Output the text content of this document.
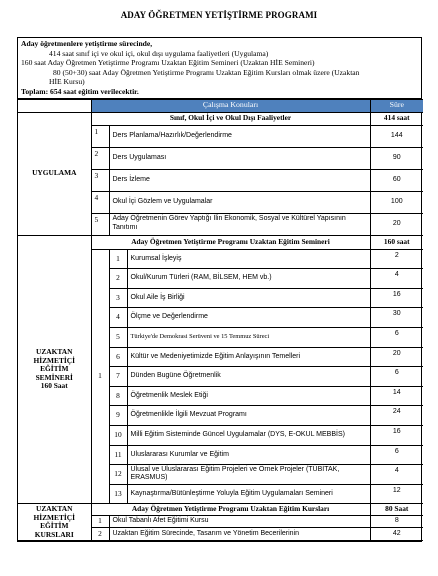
ADAY ÖĞRETMEN YETİŞTİRME PROGRAMI
Aday öğretmenlere yetiştirme sürecinde,
414 saat sınıf içi ve okul içi, okul dışı uygulama faaliyetleri (Uygulama)
160 saat Aday Öğretmen Yetiştirme Programı Uzaktan Eğitim Semineri (Uzaktan HİE Semineri)
80 (50+30) saat Aday Öğretmen Yetiştirme Programı Uzaktan Eğitim Kursları olmak üzere (Uzaktan
HİE Kursu)
Toplam: 654 saat eğitim verilecektir.
	Çalışma Konuları			Süre
UYGULAMA	Sınıf, Okul İçi ve Okul Dışı Faaliyetler			414 saat
	1	Ders Planlama/Hazırlık/Değerlendirme		144
	2	Ders Uygulaması		90
	3	Ders İzleme		60
	4	Okul İçi Gözlem ve Uygulamalar		100
	5	Aday Öğretmenin Görev Yaptığı İlin Ekonomik, Sosyal ve Kültürel Yapısının Tanıtımı		20

UZAKTAN
HİZMETİÇİ
EĞİTİM
SEMİNERİ
160 Saat	Aday Öğretmen Yetiştirme Programı Uzaktan Eğitim Semineri			160 saat
	1	1	Kurumsal İşleyiş	2
		2	Okul/Kurum Türleri (RAM, BİLSEM, HEM vb.)	4
		3	Okul Aile İş Birliği	16
		4	Ölçme ve Değerlendirme	30
		5	Türkiye'de Demokrasi Serüveni ve 15 Temmuz Süreci	6
		6	Kültür ve Medeniyetimizde Eğitim Anlayışının Temelleri	20
		7	Dünden Bugüne Öğretmenlik	6
		8	Öğretmenlik Meslek Etiği	14
		9	Öğretmenlikle İlgili Mevzuat Programı	24
		10	Milli Eğitim Sisteminde Güncel Uygulamalar (DYS, E-OKUL MEBBİS)	16
		11	Uluslararası Kurumlar ve Eğitim	6
		12	Ulusal ve Uluslararası Eğitim Projeleri ve Örnek Projeler (TÜBİTAK, ERASMUS)	4
		13	Kaynaştırma/Bütünleştirme Yoluyla Eğitim Uygulamaları Semineri	12

UZAKTAN
HİZMETİÇİ
EĞİTİM
KURSLARI	Aday Öğretmen Yetiştirme Programı Uzaktan Eğitim Kursları			80 Saat
	1	Okul Tabanlı Afet Eğitimi Kursu		8
	2	Uzaktan Eğitim Sürecinde, Tasarım ve Yönetim Becerilerinin		42
